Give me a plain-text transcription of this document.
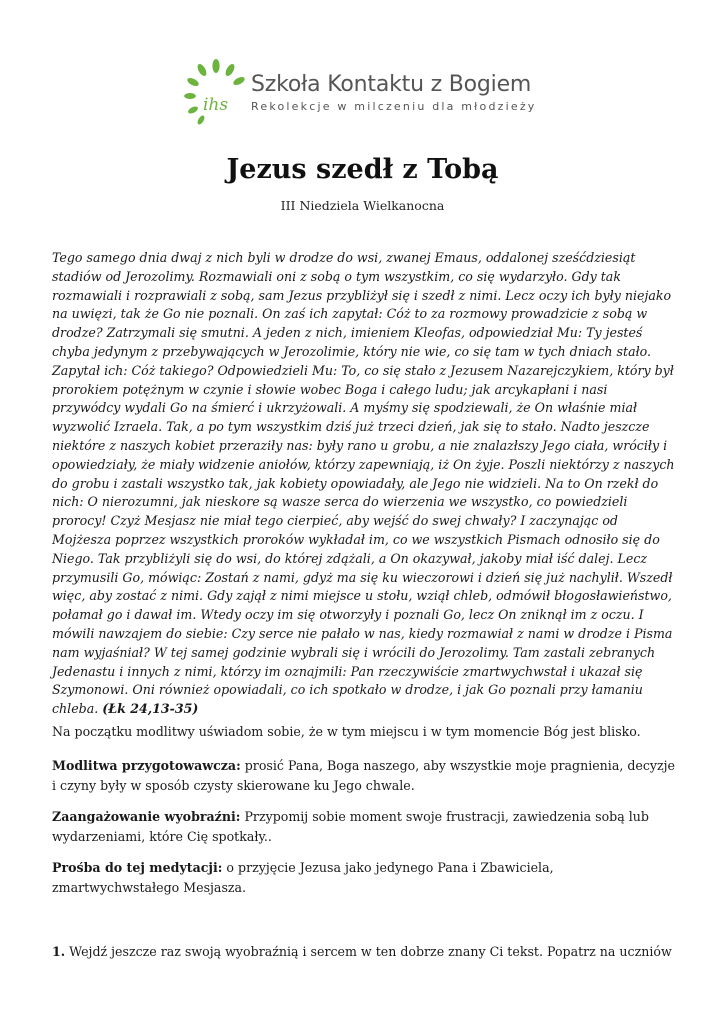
ihs
Szkoła Kontaktu z Bogiem
Rekolekcje w milczeniu dla młodzieży
Jezus szedł z Tobą
III Niedziela Wielkanocna
Tego samego dnia dwaj z nich byli w drodze do wsi, zwanej Emaus, oddalonej sześćdziesiąt stadiów od Jerozolimy. Rozmawiali oni z sobą o tym wszystkim, co się wydarzyło. Gdy tak rozmawiali i rozprawiali z sobą, sam Jezus przybliżył się i szedł z nimi. Lecz oczy ich były niejako na uwięzi, tak że Go nie poznali. On zaś ich zapytał: Cóż to za rozmowy prowadzicie z sobą w drodze? Zatrzymali się smutni. A jeden z nich, imieniem Kleofas, odpowiedział Mu: Ty jesteś chyba jedynym z przebywających w Jerozolimie, który nie wie, co się tam w tych dniach stało. Zapytał ich: Cóż takiego? Odpowiedzieli Mu: To, co się stało z Jezusem Nazarejczykiem, który był prorokiem potężnym w czynie i słowie wobec Boga i całego ludu; jak arcykapłani i nasi przywódcy wydali Go na śmierć i ukrzyżowali. A myśmy się spodziewali, że On właśnie miał wyzwolić Izraela. Tak, a po tym wszystkim dziś już trzeci dzień, jak się to stało. Nadto jeszcze niektóre z naszych kobiet przeraziły nas: były rano u grobu, a nie znalazłszy Jego ciała, wróciły i opowiedziały, że miały widzenie aniołów, którzy zapewniają, iż On żyje. Poszli niektórzy z naszych do grobu i zastali wszystko tak, jak kobiety opowiadały, ale Jego nie widzieli. Na to On rzekł do nich: O nierozumni, jak nieskore są wasze serca do wierzenia we wszystko, co powiedzieli prorocy! Czyż Mesjasz nie miał tego cierpieć, aby wejść do swej chwały? I zaczynając od Mojżesza poprzez wszystkich proroków wykładał im, co we wszystkich Pismach odnosiło się do Niego. Tak przybliżyli się do wsi, do której zdążali, a On okazywał, jakoby miał iść dalej. Lecz przymusili Go, mówiąc: Zostań z nami, gdyż ma się ku wieczorowi i dzień się już nachylił. Wszedł więc, aby zostać z nimi. Gdy zajął z nimi miejsce u stołu, wziął chleb, odmówił błogosławieństwo, połamał go i dawał im. Wtedy oczy im się otworzyły i poznali Go, lecz On zniknął im z oczu. I mówili nawzajem do siebie: Czy serce nie pałało w nas, kiedy rozmawiał z nami w drodze i Pisma nam wyjaśniał? W tej samej godzinie wybrali się i wrócili do Jerozolimy. Tam zastali zebranych Jedenastu i innych z nimi, którzy im oznajmili: Pan rzeczywiście zmartwychwstał i ukazał się Szymonowi. Oni również opowiadali, co ich spotkało w drodze, i jak Go poznali przy łamaniu chleba. (Łk 24,13-35)
Na początku modlitwy uświadom sobie, że w tym miejscu i w tym momencie Bóg jest blisko.
Modlitwa przygotowawcza: prosić Pana, Boga naszego, aby wszystkie moje pragnienia, decyzje i czyny były w sposób czysty skierowane ku Jego chwale.
Zaangażowanie wyobraźni: Przypomij sobie moment swoje frustracji, zawiedzenia sobą lub wydarzeniami, które Cię spotkały..
Prośba do tej medytacji: o przyjęcie Jezusa jako jedynego Pana i Zbawiciela, zmartwychwstałego Mesjasza.
1. Wejdź jeszcze raz swoją wyobraźnią i sercem w ten dobrze znany Ci tekst. Popatrz na uczniów
